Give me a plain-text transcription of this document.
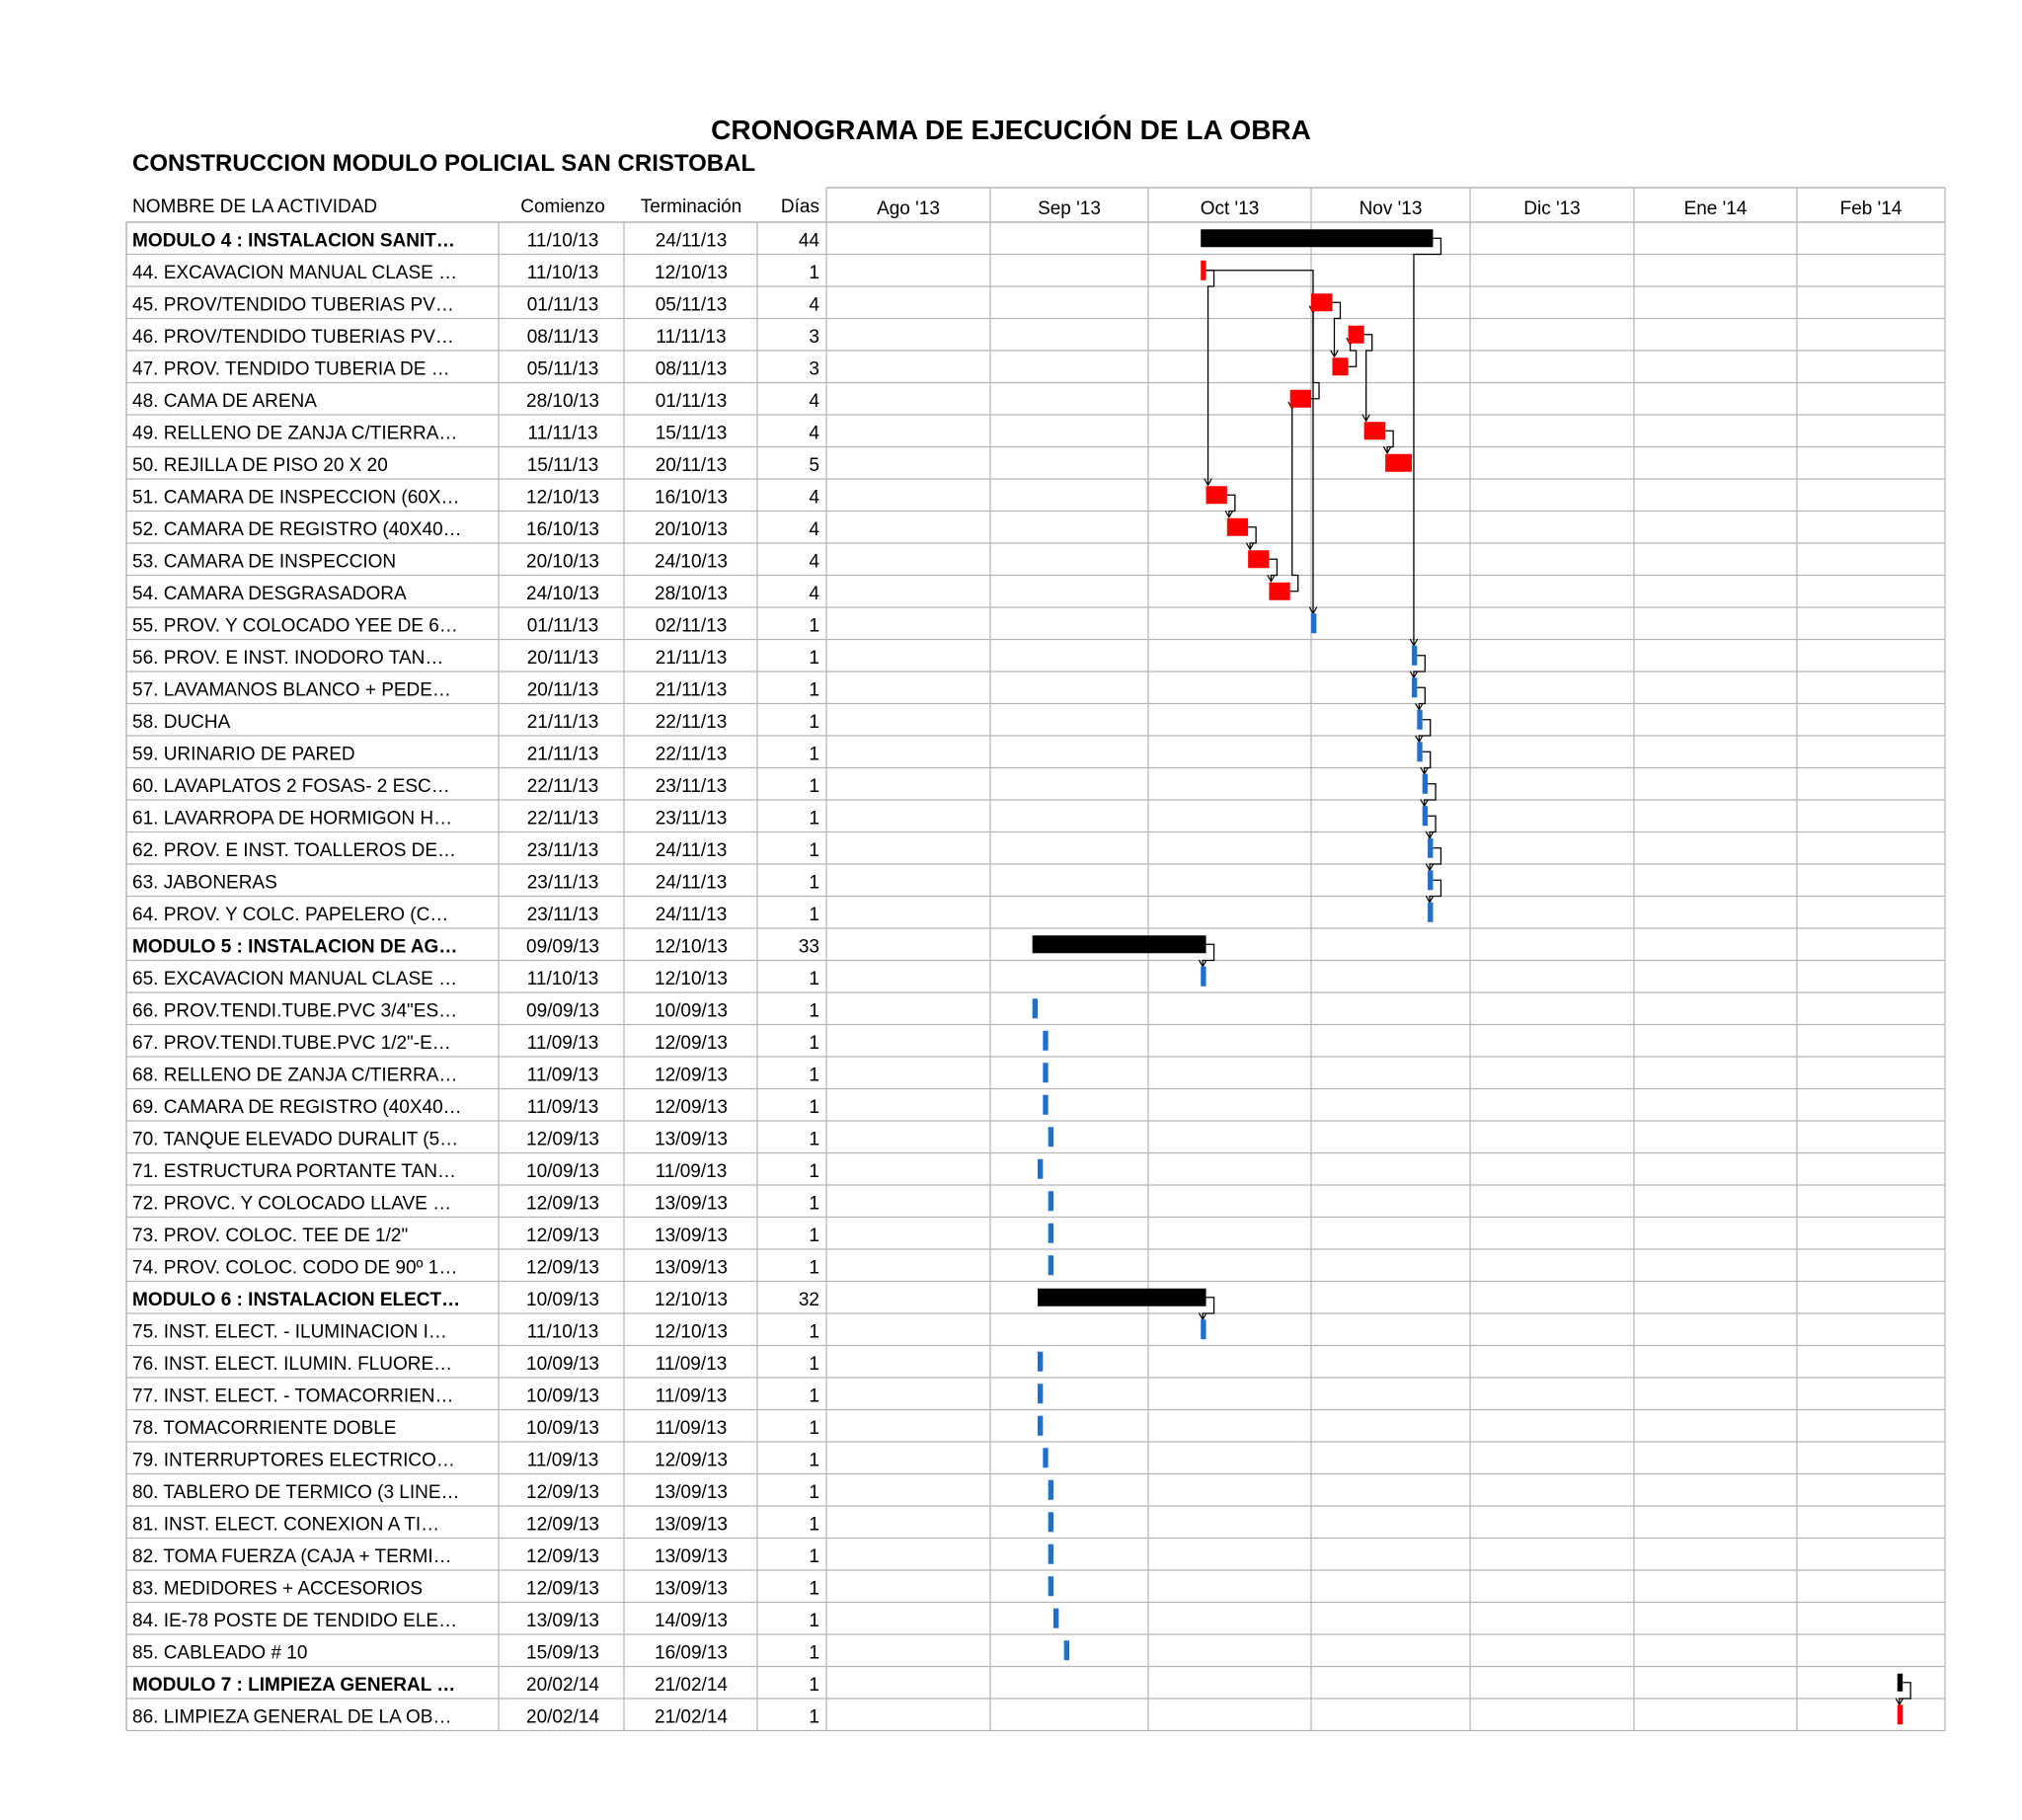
CRONOGRAMA DE EJECUCIÓN DE LA OBRA
CONSTRUCCION MODULO POLICIAL SAN CRISTOBAL
NOMBRE DE LA ACTIVIDAD	Comienzo Terminación Días	Ago '13	Sep '13	Oct '13	Nov '13	Dic '13	Ene '14	Feb '14
MODULO 4 : INSTALACION SANIT…	11/10/13	24/11/13	44
44. EXCAVACION MANUAL CLASE …	11/10/13	12/10/13	1
45. PROV/TENDIDO TUBERIAS PV…	01/11/13	05/11/13	4
46. PROV/TENDIDO TUBERIAS PV…	08/11/13	11/11/13	3
47. PROV. TENDIDO TUBERIA DE …	05/11/13	08/11/13	3
48. CAMA DE ARENA	28/10/13	01/11/13	4
49. RELLENO DE ZANJA C/TIERRA…	11/11/13	15/11/13	4
50. REJILLA DE PISO 20 X 20	15/11/13	20/11/13	5
51. CAMARA DE INSPECCION (60X…	12/10/13	16/10/13	4
52. CAMARA DE REGISTRO (40X40…	16/10/13	20/10/13	4
53. CAMARA DE INSPECCION	20/10/13	24/10/13	4
54. CAMARA DESGRASADORA	24/10/13	28/10/13	4
55. PROV. Y COLOCADO YEE DE 6…	01/11/13	02/11/13	1
56. PROV. E INST. INODORO TAN…	20/11/13	21/11/13	1
57. LAVAMANOS BLANCO + PEDE…	20/11/13	21/11/13	1
58. DUCHA	21/11/13	22/11/13	1
59. URINARIO DE PARED	21/11/13	22/11/13	1
60. LAVAPLATOS 2 FOSAS- 2 ESC…	22/11/13	23/11/13	1
61. LAVARROPA DE HORMIGON H…	22/11/13	23/11/13	1
62. PROV. E INST. TOALLEROS DE…	23/11/13	24/11/13	1
63. JABONERAS	23/11/13	24/11/13	1
64. PROV. Y COLC. PAPELERO (C…	23/11/13	24/11/13	1
MODULO 5 : INSTALACION DE AG…	09/09/13	12/10/13	33
65. EXCAVACION MANUAL CLASE …	11/10/13	12/10/13	1
66. PROV.TENDI.TUBE.PVC 3/4"ES…	09/09/13	10/09/13	1
67. PROV.TENDI.TUBE.PVC 1/2"-E…	11/09/13	12/09/13	1
68. RELLENO DE ZANJA C/TIERRA…	11/09/13	12/09/13	1
69. CAMARA DE REGISTRO (40X40…	11/09/13	12/09/13	1
70. TANQUE ELEVADO DURALIT (5…	12/09/13	13/09/13	1
71. ESTRUCTURA PORTANTE TAN…	10/09/13	11/09/13	1
72. PROVC. Y COLOCADO LLAVE …	12/09/13	13/09/13	1
73. PROV. COLOC. TEE DE 1/2"	12/09/13	13/09/13	1
74. PROV. COLOC. CODO DE 90º 1…	12/09/13	13/09/13	1
MODULO 6 : INSTALACION ELECT…	10/09/13	12/10/13	32
75. INST. ELECT. - ILUMINACION I…	11/10/13	12/10/13	1
76. INST. ELECT. ILUMIN. FLUORE…	10/09/13	11/09/13	1
77. INST. ELECT. - TOMACORRIEN…	10/09/13	11/09/13	1
78. TOMACORRIENTE DOBLE	10/09/13	11/09/13	1
79. INTERRUPTORES ELECTRICO…	11/09/13	12/09/13	1
80. TABLERO DE TERMICO (3 LINE…	12/09/13	13/09/13	1
81. INST. ELECT. CONEXION A TI…	12/09/13	13/09/13	1
82. TOMA FUERZA (CAJA + TERMI…	12/09/13	13/09/13	1
83. MEDIDORES + ACCESORIOS	12/09/13	13/09/13	1
84. IE-78 POSTE DE TENDIDO ELE…	13/09/13	14/09/13	1
85. CABLEADO # 10	15/09/13	16/09/13	1
MODULO 7 : LIMPIEZA GENERAL …	20/02/14	21/02/14	1
86. LIMPIEZA GENERAL DE LA OB…	20/02/14	21/02/14	1
